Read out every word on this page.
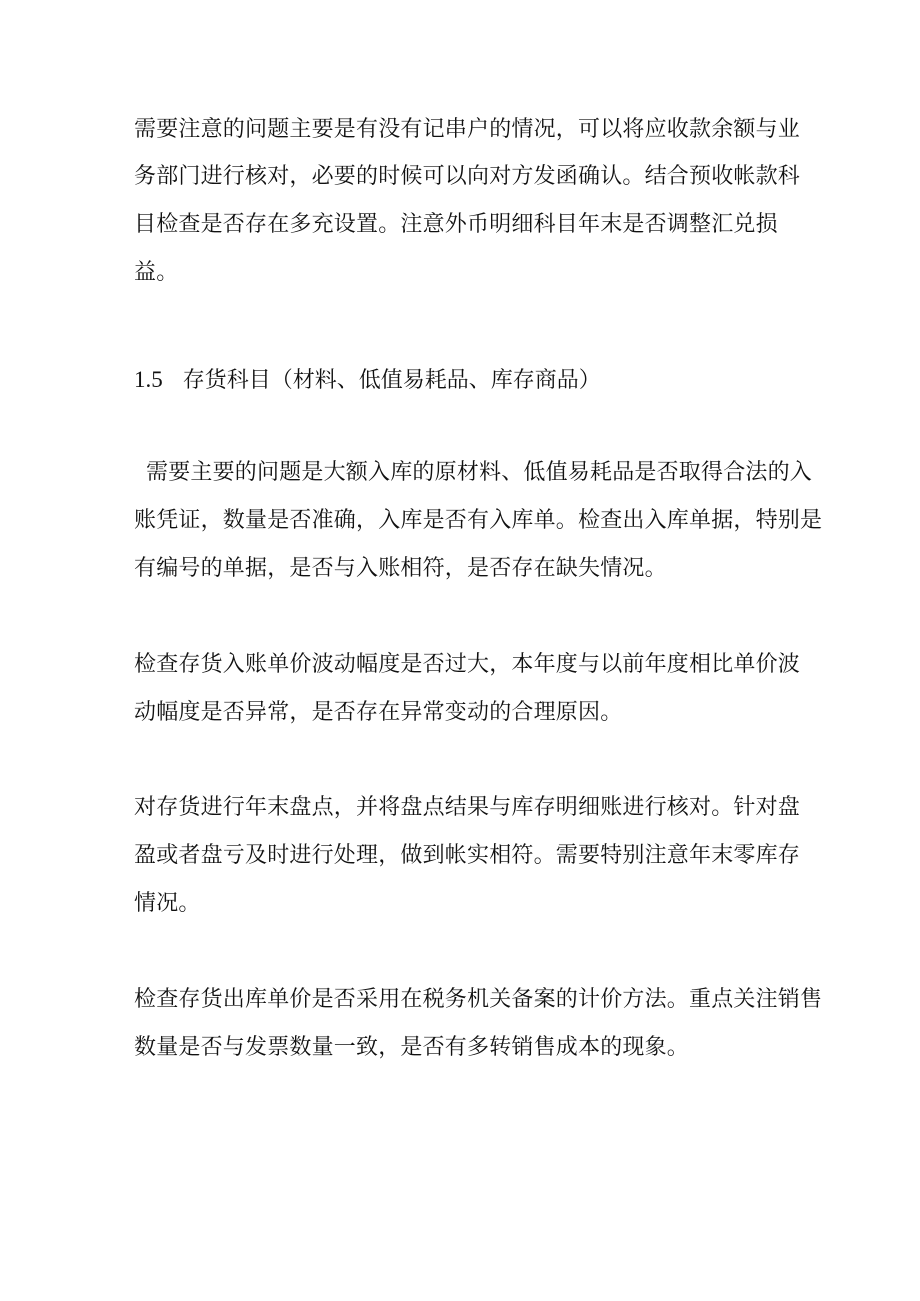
需要注意的问题主要是有没有记串户的情况，可以将应收款余额与业
务部门进行核对，必要的时候可以向对方发函确认。结合预收帐款科
目检查是否存在多充设置。注意外币明细科目年末是否调整汇兑损
益。
1.5 存货科目（材料、低值易耗品、库存商品）
需要主要的问题是大额入库的原材料、低值易耗品是否取得合法的入
账凭证，数量是否准确，入库是否有入库单。检查出入库单据，特别是
有编号的单据，是否与入账相符，是否存在缺失情况。
检查存货入账单价波动幅度是否过大，本年度与以前年度相比单价波
动幅度是否异常，是否存在异常变动的合理原因。
对存货进行年末盘点，并将盘点结果与库存明细账进行核对。针对盘
盈或者盘亏及时进行处理，做到帐实相符。需要特别注意年末零库存
情况。
检查存货出库单价是否采用在税务机关备案的计价方法。重点关注销售
数量是否与发票数量一致，是否有多转销售成本的现象。
